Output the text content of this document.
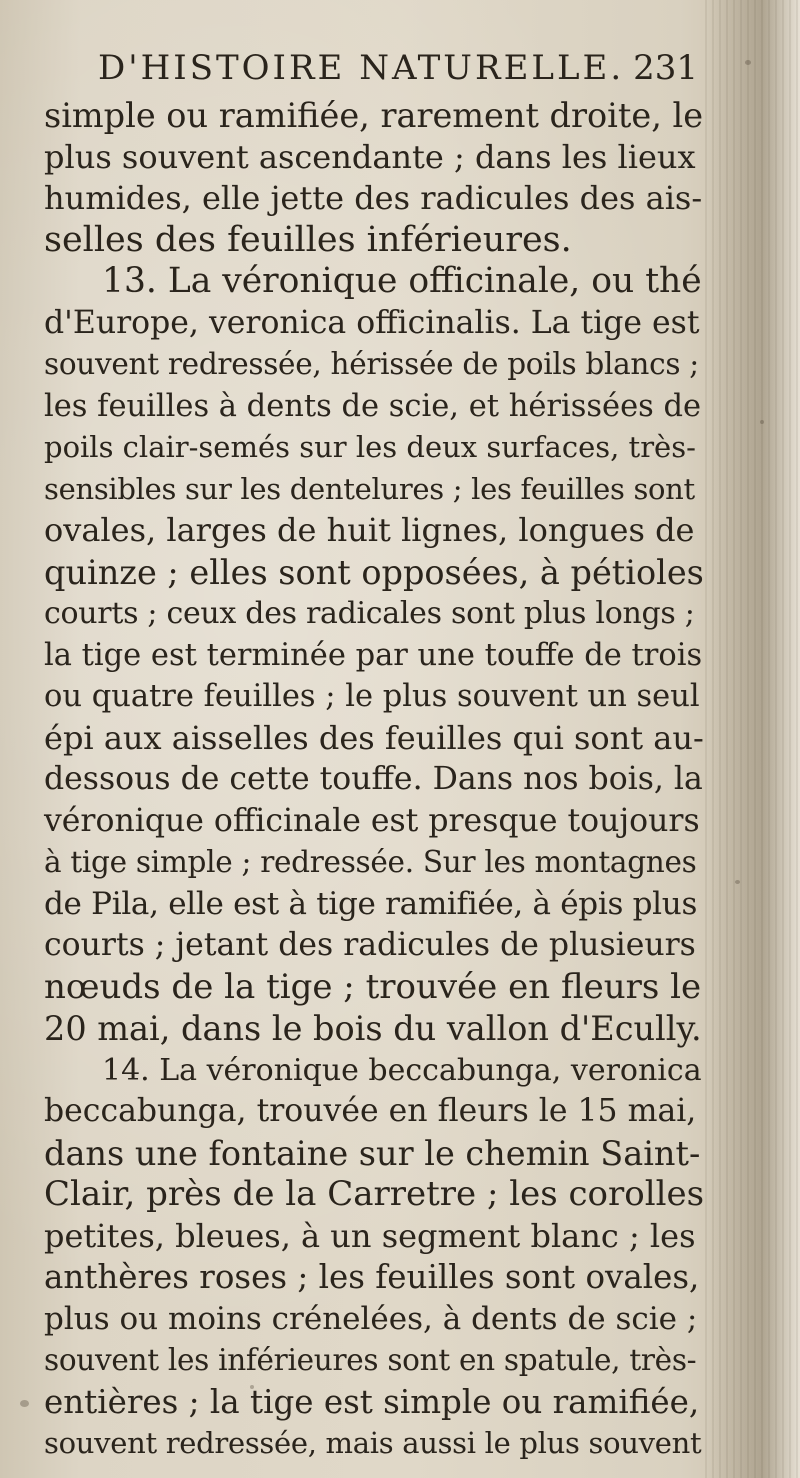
D'HISTOIRE NATURELLE. 231
simple ou ramifiée, rarement droite, le
plus souvent ascendante ; dans les lieux
humides, elle jette des radicules des ais-
selles des feuilles inférieures.
13. La véronique officinale, ou thé
d'Europe, veronica officinalis. La tige est
souvent redressée, hérissée de poils blancs ;
les feuilles à dents de scie, et hérissées de
poils clair-semés sur les deux surfaces, très-
sensibles sur les dentelures ; les feuilles sont
ovales, larges de huit lignes, longues de
quinze ; elles sont opposées, à pétioles
courts ; ceux des radicales sont plus longs ;
la tige est terminée par une touffe de trois
ou quatre feuilles ; le plus souvent un seul
épi aux aisselles des feuilles qui sont au-
dessous de cette touffe. Dans nos bois, la
véronique officinale est presque toujours
à tige simple ; redressée. Sur les montagnes
de Pila, elle est à tige ramifiée, à épis plus
courts ; jetant des radicules de plusieurs
nœuds de la tige ; trouvée en fleurs le
20 mai, dans le bois du vallon d'Ecully.
14. La véronique beccabunga, veronica
beccabunga, trouvée en fleurs le 15 mai,
dans une fontaine sur le chemin Saint-
Clair, près de la Carretre ; les corolles
petites, bleues, à un segment blanc ; les
anthères roses ; les feuilles sont ovales,
plus ou moins crénelées, à dents de scie ;
souvent les inférieures sont en spatule, très-
entières ; la tige est simple ou ramifiée,
souvent redressée, mais aussi le plus souvent
